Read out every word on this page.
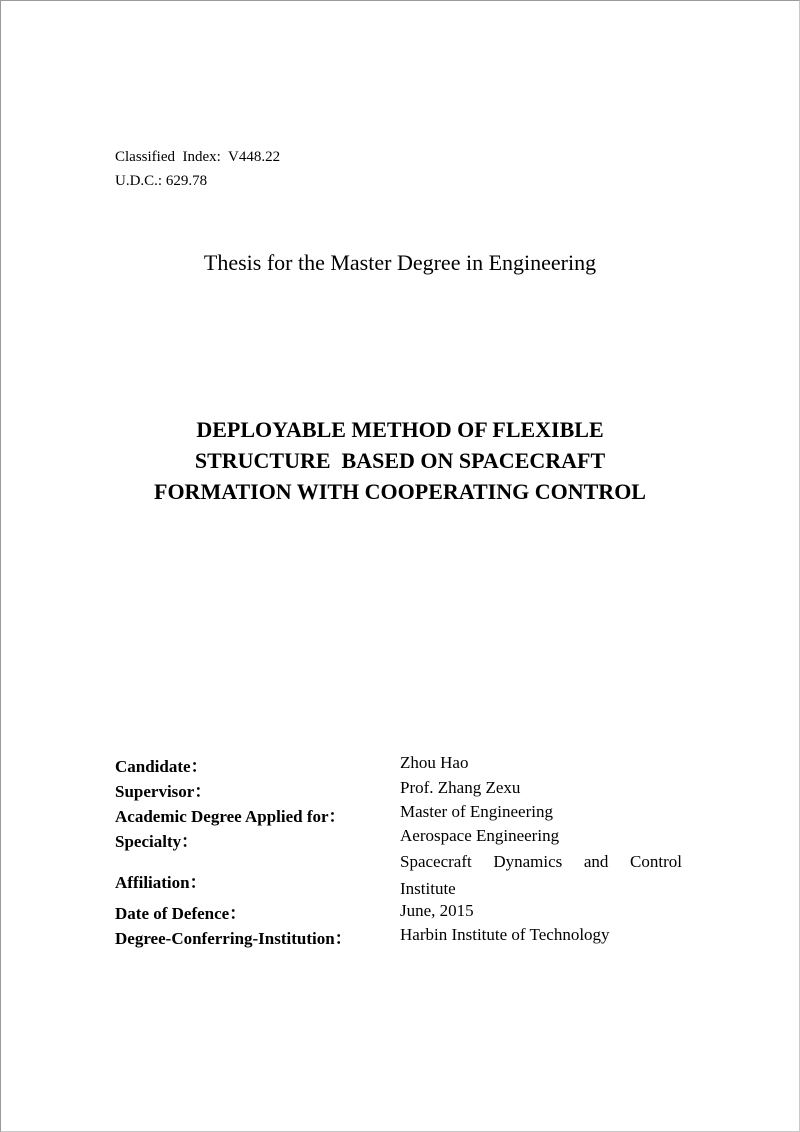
Classified  Index:  V448.22
U.D.C.: 629.78
Thesis for the Master Degree in Engineering
DEPLOYABLE METHOD OF FLEXIBLE
STRUCTURE  BASED ON SPACECRAFT
FORMATION WITH COOPERATING CONTROL
Candidate：
Supervisor：
Academic Degree Applied for：
Specialty：
Affiliation：
Date of Defence：
Degree-Conferring-Institution：
Zhou Hao
Prof. Zhang Zexu
Master of Engineering
Aerospace Engineering
Spacecraft Dynamics and Control
Institute
June, 2015
Harbin Institute of Technology
